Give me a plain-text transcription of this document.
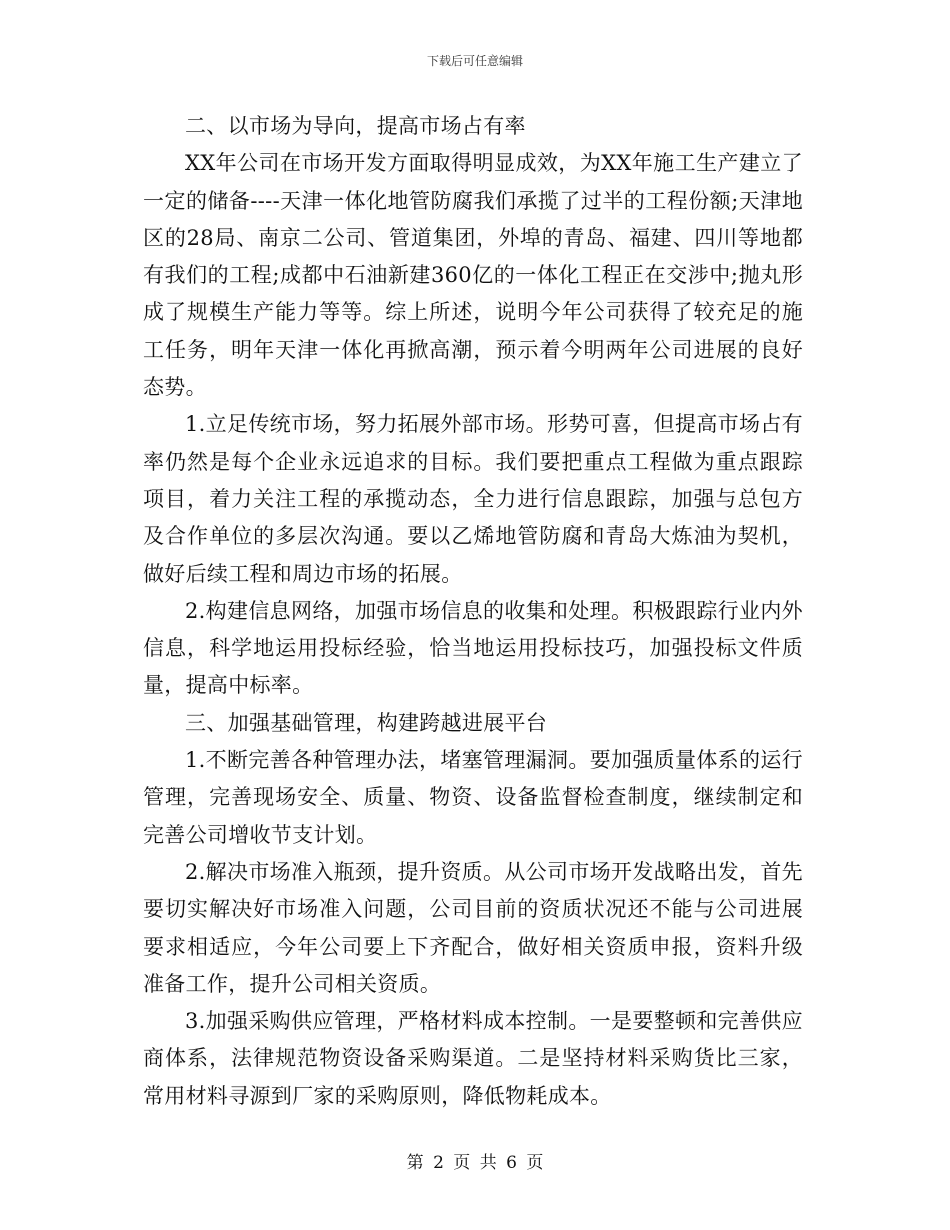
下载后可任意编辑

二、以市场为导向，提高市场占有率

XX年公司在市场开发方面取得明显成效，为XX年施工生产建立了一定的储备----天津一体化地管防腐我们承揽了过半的工程份额;天津地区的28局、南京二公司、管道集团，外埠的青岛、福建、四川等地都有我们的工程;成都中石油新建360亿的一体化工程正在交涉中;抛丸形成了规模生产能力等等。综上所述，说明今年公司获得了较充足的施工任务，明年天津一体化再掀高潮，预示着今明两年公司进展的良好态势。

1.立足传统市场，努力拓展外部市场。形势可喜，但提高市场占有率仍然是每个企业永远追求的目标。我们要把重点工程做为重点跟踪项目，着力关注工程的承揽动态，全力进行信息跟踪，加强与总包方及合作单位的多层次沟通。要以乙烯地管防腐和青岛大炼油为契机，做好后续工程和周边市场的拓展。

2.构建信息网络，加强市场信息的收集和处理。积极跟踪行业内外信息，科学地运用投标经验，恰当地运用投标技巧，加强投标文件质量，提高中标率。

三、加强基础管理，构建跨越进展平台

1.不断完善各种管理办法，堵塞管理漏洞。要加强质量体系的运行管理，完善现场安全、质量、物资、设备监督检查制度，继续制定和完善公司增收节支计划。

2.解决市场准入瓶颈，提升资质。从公司市场开发战略出发，首先要切实解决好市场准入问题，公司目前的资质状况还不能与公司进展要求相适应，今年公司要上下齐配合，做好相关资质申报，资料升级准备工作，提升公司相关资质。

3.加强采购供应管理，严格材料成本控制。一是要整顿和完善供应商体系，法律规范物资设备采购渠道。二是坚持材料采购货比三家，常用材料寻源到厂家的采购原则，降低物耗成本。

第 2 页 共 6 页
